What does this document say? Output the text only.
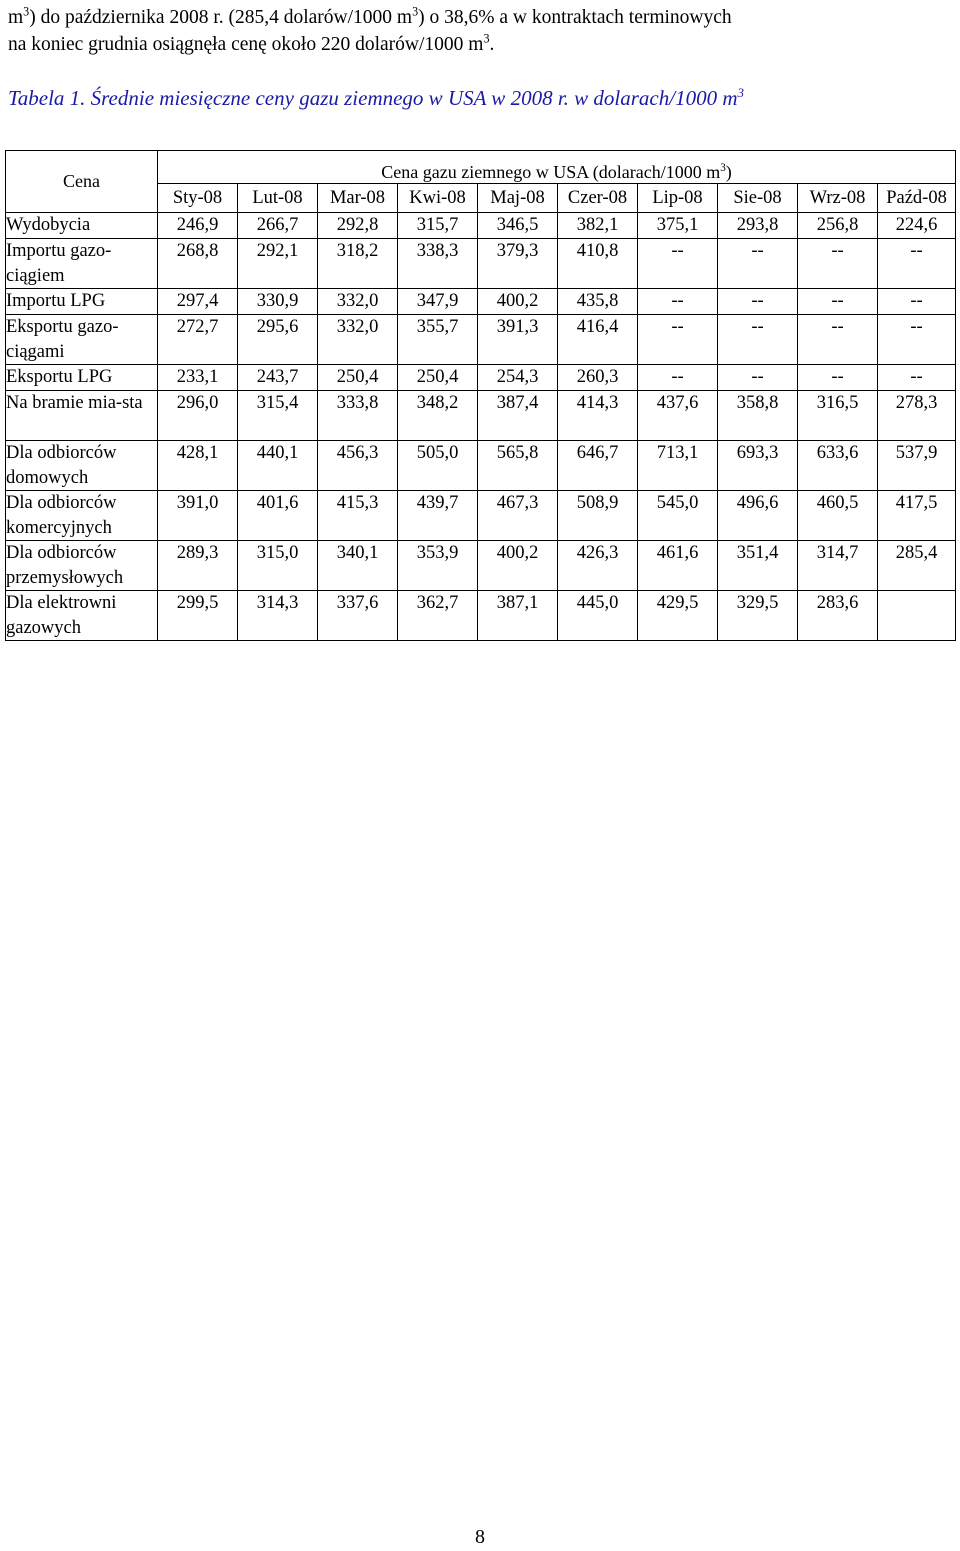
$m^3$) do października 2008 r. (285,4 dolarów/1000 $m^3$) o 38,6% a w kontraktach terminowych

na koniec grudnia osiągnęła cenę około 220 dolarów/1000 $m^3$.

Tabela 1. Średnie miesięczne ceny gazu ziemnego w USA w 2008 r. w dolarach/1000 $m^3$
Cena	Cena gazu ziemnego w USA (dolarach/1000 $m^3$)									
	Sty-08	Lut-08	Mar-08	Kwi-08	Maj-08	Czer-08	Lip-08	Sie-08	Wrz-08	Paźd-08
Wydobycia	246,9	266,7	292,8	315,7	346,5	382,1	375,1	293,8	256,8	224,6
Importu gazo-ciągiem	268,8	292,1	318,2	338,3	379,3	410,8	--	--	--	--
Importu LPG	297,4	330,9	332,0	347,9	400,2	435,8	--	--	--	--
Eksportu gazo-ciągami	272,7	295,6	332,0	355,7	391,3	416,4	--	--	--	--
Eksportu LPG	233,1	243,7	250,4	250,4	254,3	260,3	--	--	--	--
Na bramie mia-sta	296,0	315,4	333,8	348,2	387,4	414,3	437,6	358,8	316,5	278,3
Dla odbiorców domowych	428,1	440,1	456,3	505,0	565,8	646,7	713,1	693,3	633,6	537,9
Dla odbiorców komercyjnych	391,0	401,6	415,3	439,7	467,3	508,9	545,0	496,6	460,5	417,5
Dla odbiorców przemysłowych	289,3	315,0	340,1	353,9	400,2	426,3	461,6	351,4	314,7	285,4
Dla elektrowni gazowych	299,5	314,3	337,6	362,7	387,1	445,0	429,5	329,5	283,6	
8
